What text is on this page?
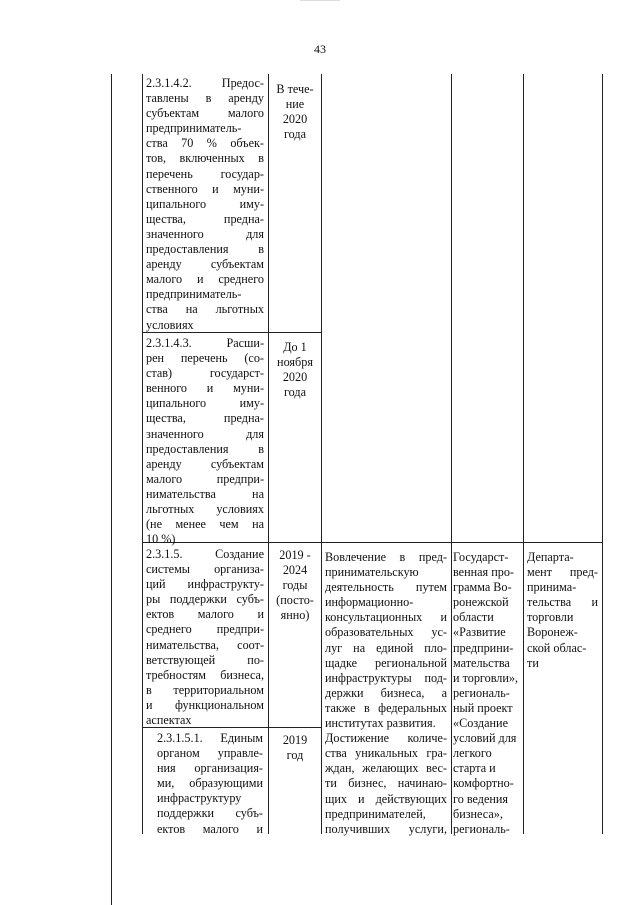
43

2.3.1.4.2. Предос-

тавлены в аренду

субъектам малого

предприниматель-

ства 70 % объек-

тов, включенных в

перечень государ-

ственного и муни-

ципального иму-

щества, предна-

значенного для

предоставления в

аренду субъектам

малого и среднего

предприниматель-

ства на льготных

условиях

В тече-

ние

2020

года

2.3.1.4.3. Расши-

рен перечень (со-

став) государст-

венного и муни-

ципального иму-

щества, предна-

значенного для

предоставления в

аренду субъектам

малого предпри-

нимательства на

льготных условиях

(не менее чем на

10 %)

До 1

ноября

2020

года

2.3.1.5. Создание

системы организа-

ций инфраструкту-

ры поддержки субъ-

ектов малого и

среднего предпри-

нимательства, соот-

ветствующей по-

требностям бизнеса,

в территориальном

и функциональном

аспектах

2019 -

2024

годы

(посто-

янно)

Вовлечение в пред-

принимательскую

деятельность путем

информационно-

консультационных и

образовательных ус-

луг на единой пло-

щадке региональной

инфраструктуры под-

держки бизнеса, а

также в федеральных

институтах развития.

Достижение количе-

ства уникальных гра-

ждан, желающих вес-

ти бизнес, начинаю-

щих и действующих

предпринимателей,

получивших услуги,

Государст-

венная про-

грамма Во-

ронежской

области

«Развитие

предприни-

мательства

и торговли»,

региональ-

ный проект

«Создание

условий для

легкого

старта и

комфортно-

го ведения

бизнеса»,

региональ-

Департа-

мент пред-

принима-

тельства и

торговли

Воронеж-

ской облас-

ти

2.3.1.5.1. Единым

органом управле-

ния организация-

ми, образующими

инфраструктуру

поддержки субъ-

ектов малого и

2019

год
